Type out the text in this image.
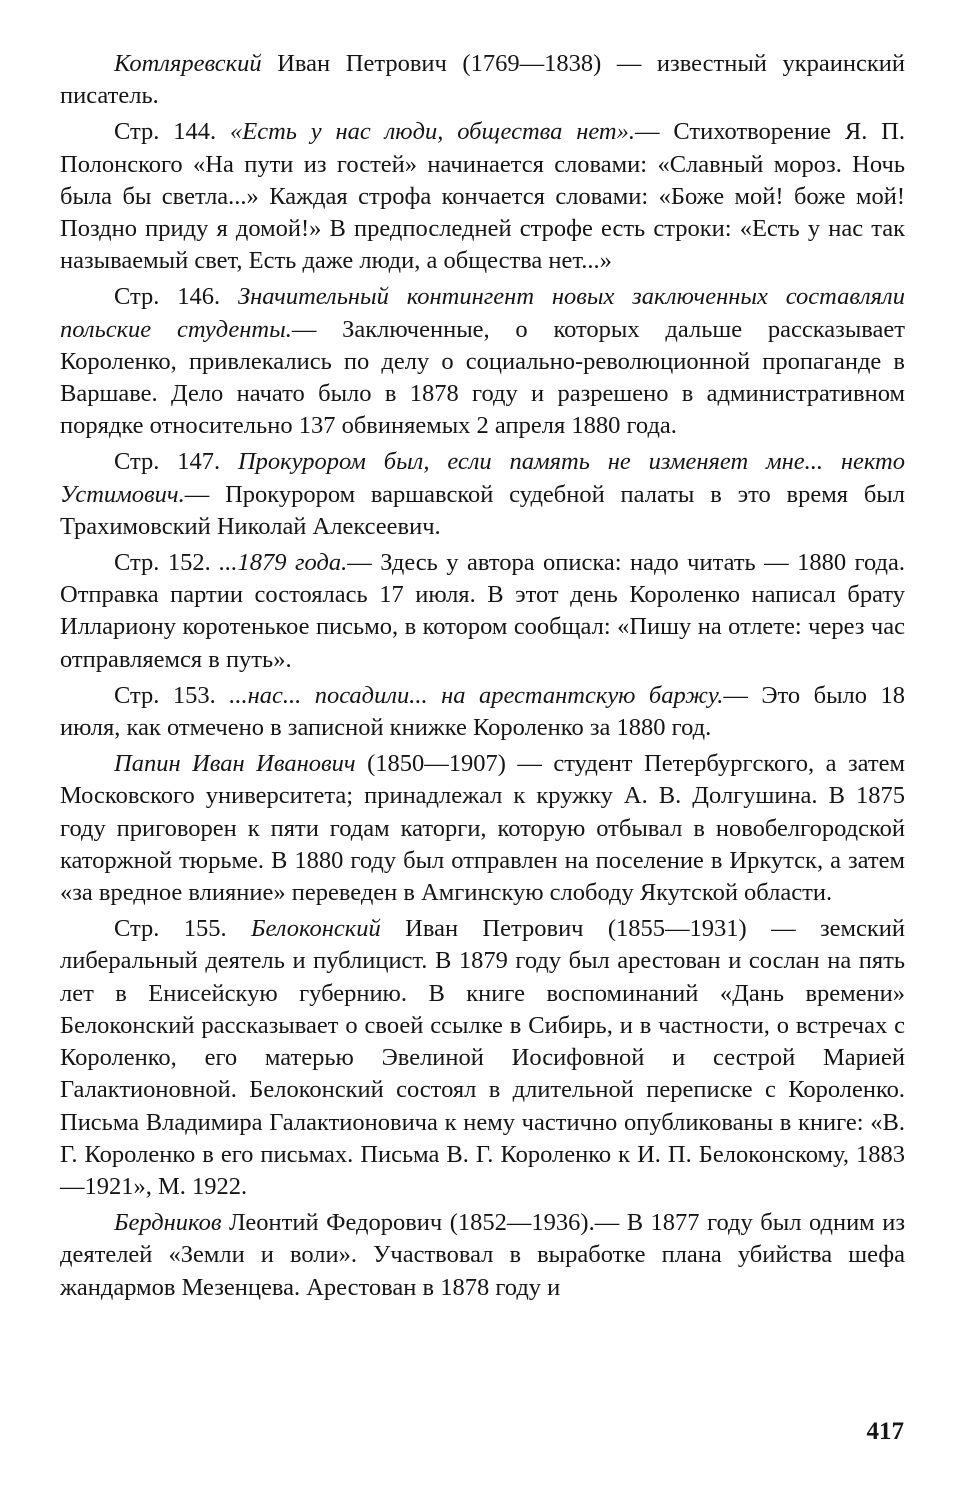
Котляревский Иван Петрович (1769—1838) — известный украинский писатель.

Стр. 144. «Есть у нас люди, общества нет».— Стихотворение Я. П. Полонского «На пути из гостей» начинается словами: «Славный мороз. Ночь была бы светла...» Каждая строфа кончается словами: «Боже мой! боже мой! Поздно приду я домой!» В предпоследней строфе есть строки: «Есть у нас так называемый свет, Есть даже люди, а общества нет...»

Стр. 146. Значительный контингент новых заключенных составляли польские студенты.— Заключенные, о которых дальше рассказывает Короленко, привлекались по делу о социально-революционной пропаганде в Варшаве. Дело начато было в 1878 году и разрешено в административном порядке относительно 137 обвиняемых 2 апреля 1880 года.

Стр. 147. Прокурором был, если память не изменяет мне... некто Устимович.— Прокурором варшавской судебной палаты в это время был Трахимовский Николай Алексеевич.

Стр. 152. ...1879 года.— Здесь у автора описка: надо читать — 1880 года. Отправка партии состоялась 17 июля. В этот день Короленко написал брату Иллариону коротенькое письмо, в котором сообщал: «Пишу на отлете: через час отправляемся в путь».

Стр. 153. ...нас... посадили... на арестантскую баржу.— Это было 18 июля, как отмечено в записной книжке Короленко за 1880 год.

Папин Иван Иванович (1850—1907) — студент Петербургского, а затем Московского университета; принадлежал к кружку А. В. Долгушина. В 1875 году приговорен к пяти годам каторги, которую отбывал в новобелгородской каторжной тюрьме. В 1880 году был отправлен на поселение в Иркутск, а затем «за вредное влияние» переведен в Амгинскую слободу Якутской области.

Стр. 155. Белоконский Иван Петрович (1855—1931) — земский либеральный деятель и публицист. В 1879 году был арестован и сослан на пять лет в Енисейскую губернию. В книге воспоминаний «Дань времени» Белоконский рассказывает о своей ссылке в Сибирь, и в частности, о встречах с Короленко, его матерью Эвелиной Иосифовной и сестрой Марией Галактионовной. Белоконский состоял в длительной переписке с Короленко. Письма Владимира Галактионовича к нему частично опубликованы в книге: «В. Г. Короленко в его письмах. Письма В. Г. Короленко к И. П. Белоконскому, 1883—1921», М. 1922.

Бердников Леонтий Федорович (1852—1936).— В 1877 году был одним из деятелей «Земли и воли». Участвовал в выработке плана убийства шефа жандармов Мезенцева. Арестован в 1878 году и

417
